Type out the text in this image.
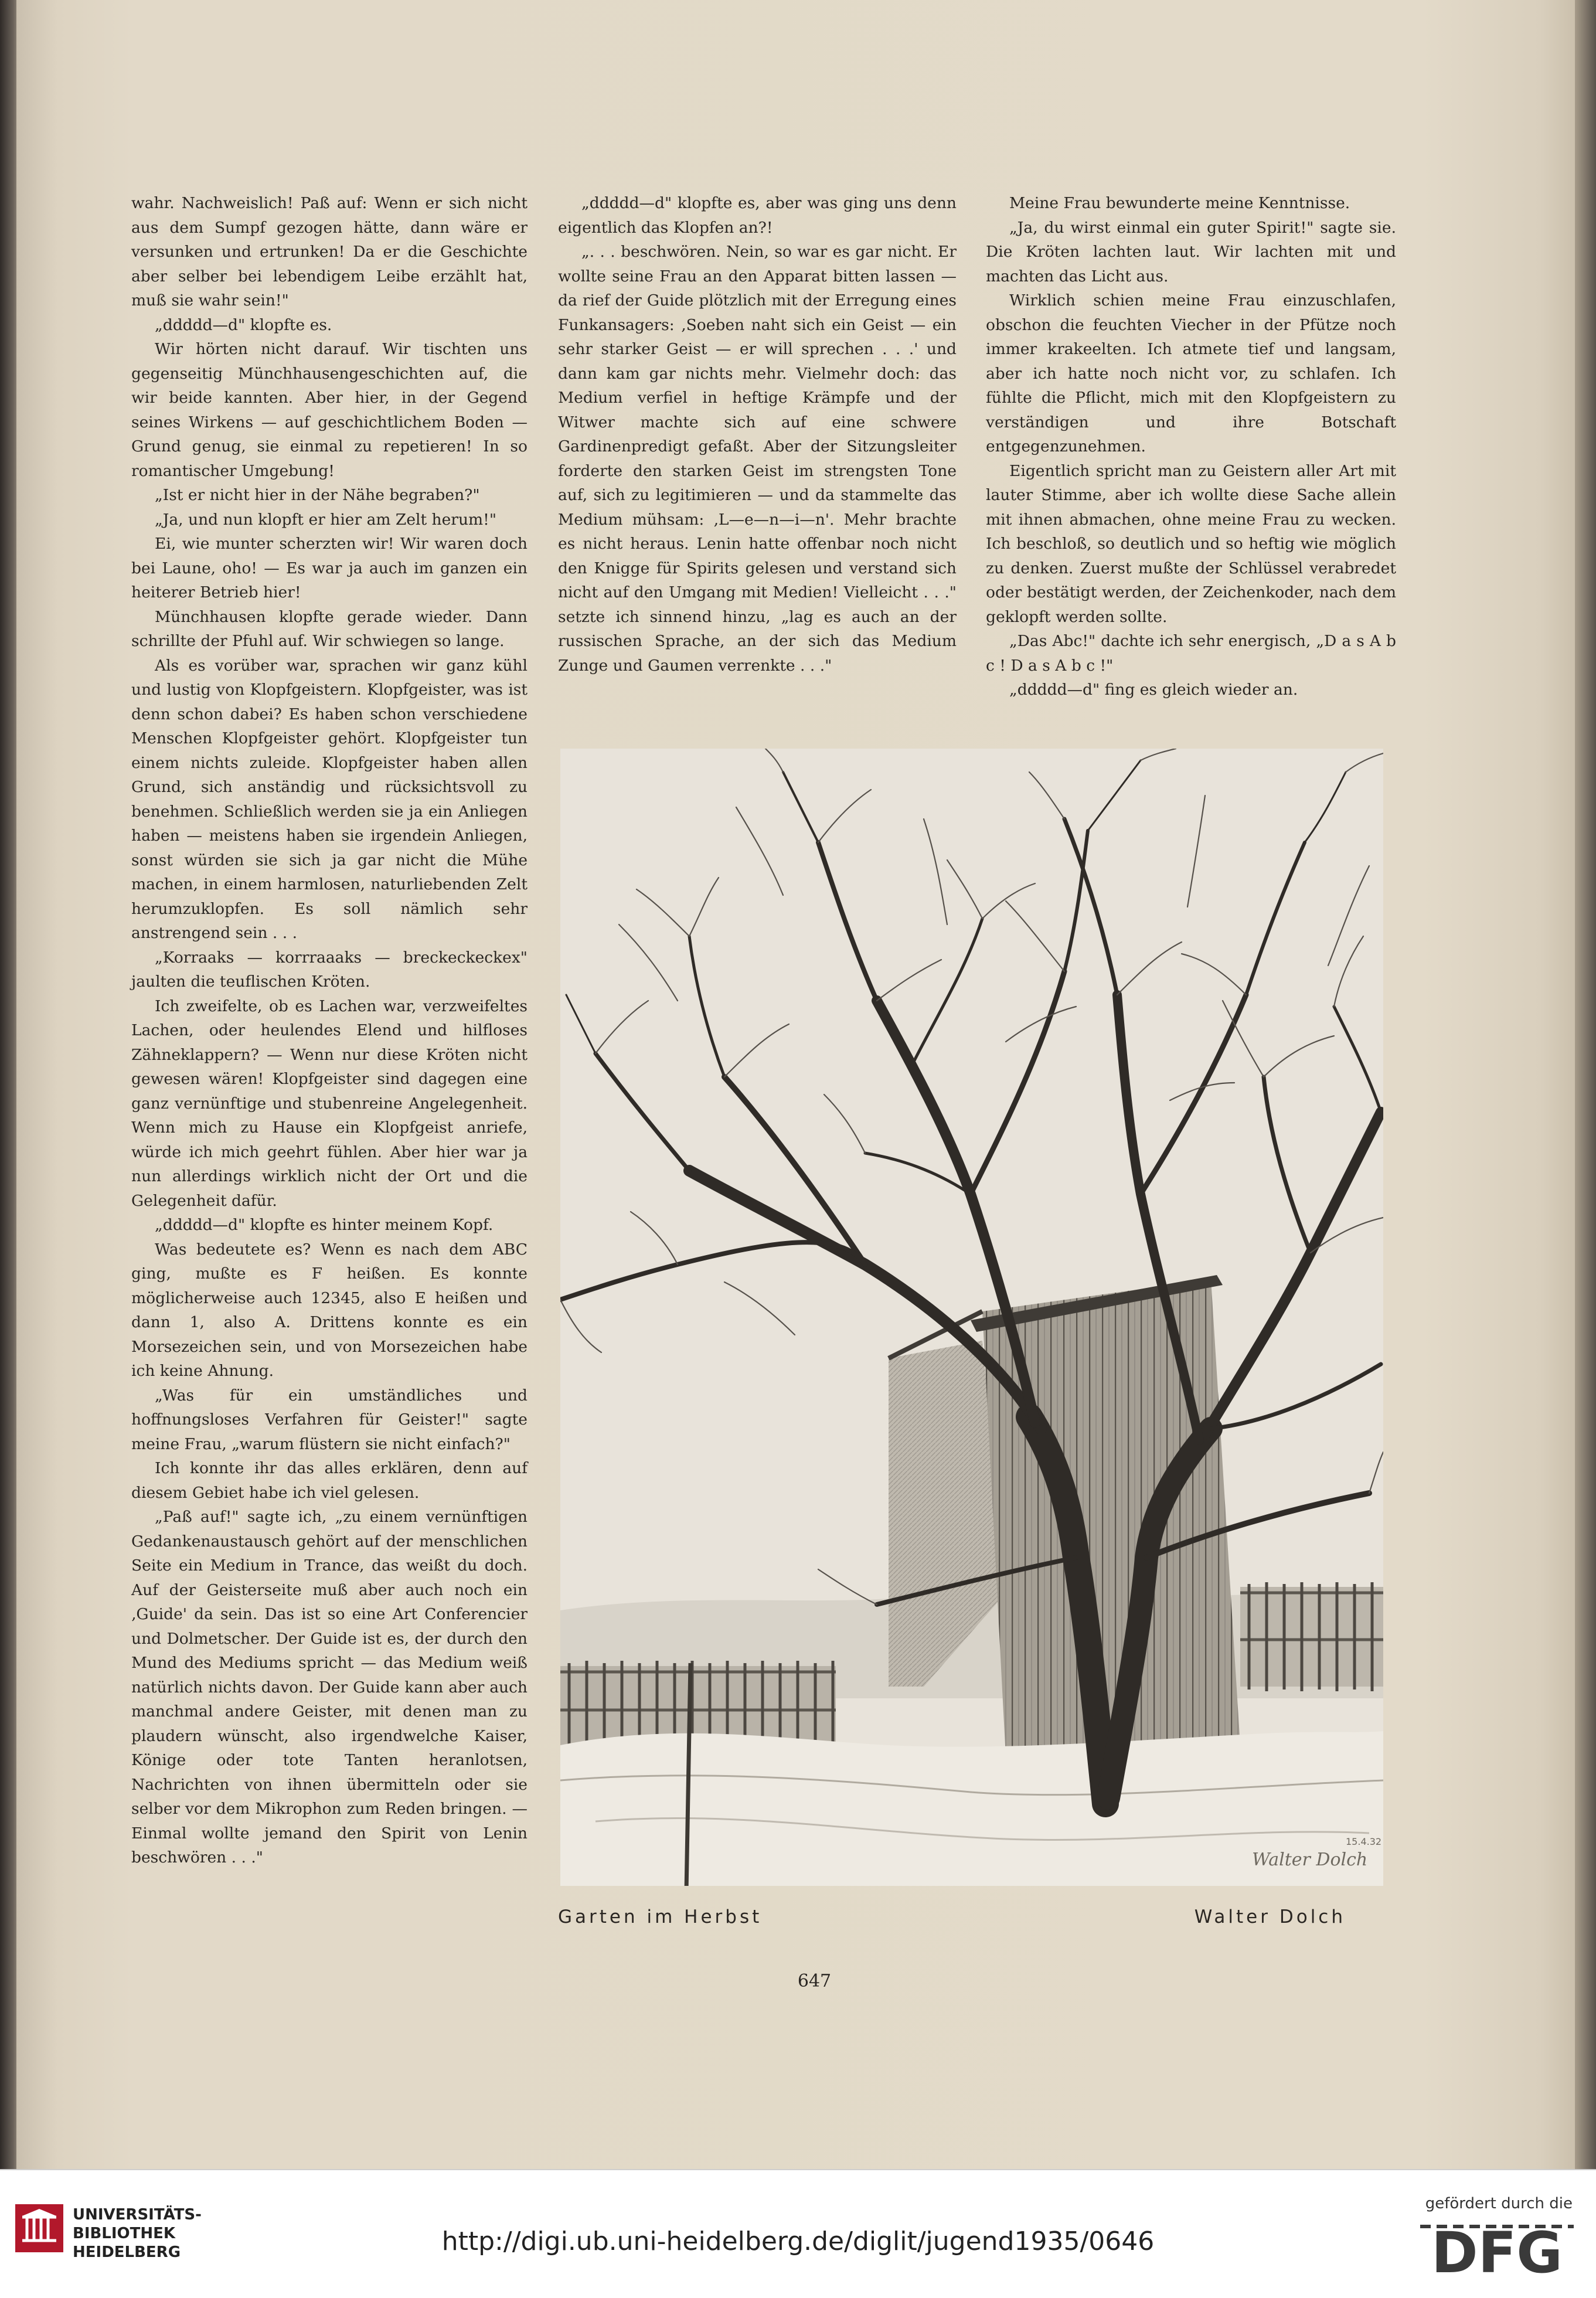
wahr. Nachweislich! Paß auf: Wenn er sich nicht aus dem Sumpf gezogen hätte, dann wäre er versunken und ertrunken! Da er die Geschichte aber selber bei lebendigem Leibe erzählt hat, muß sie wahr sein!"

„ddddd—d" klopfte es.

Wir hörten nicht darauf. Wir tischten uns gegenseitig Münchhausengeschichten auf, die wir beide kannten. Aber hier, in der Gegend seines Wirkens — auf geschichtlichem Boden — Grund genug, sie einmal zu repetieren! In so romantischer Umgebung!

„Ist er nicht hier in der Nähe begraben?"

„Ja, und nun klopft er hier am Zelt herum!"

Ei, wie munter scherzten wir! Wir waren doch bei Laune, oho! — Es war ja auch im ganzen ein heiterer Betrieb hier!

Münchhausen klopfte gerade wieder. Dann schrillte der Pfuhl auf. Wir schwiegen so lange.

Als es vorüber war, sprachen wir ganz kühl und lustig von Klopfgeistern. Klopfgeister, was ist denn schon dabei? Es haben schon verschiedene Menschen Klopfgeister gehört. Klopfgeister tun einem nichts zuleide. Klopfgeister haben allen Grund, sich anständig und rücksichtsvoll zu benehmen. Schließlich werden sie ja ein Anliegen haben — meistens haben sie irgendein Anliegen, sonst würden sie sich ja gar nicht die Mühe machen, in einem harmlosen, naturliebenden Zelt herumzuklopfen. Es soll nämlich sehr anstrengend sein . . .

„Korraaks — korrraaaks — breckeckeckex" jaulten die teuflischen Kröten.

Ich zweifelte, ob es Lachen war, verzweifeltes Lachen, oder heulendes Elend und hilfloses Zähneklappern? — Wenn nur diese Kröten nicht gewesen wären! Klopfgeister sind dagegen eine ganz vernünftige und stubenreine Angelegenheit. Wenn mich zu Hause ein Klopfgeist anriefe, würde ich mich geehrt fühlen. Aber hier war ja nun allerdings wirklich nicht der Ort und die Gelegenheit dafür.

„ddddd—d" klopfte es hinter meinem Kopf.

Was bedeutete es? Wenn es nach dem ABC ging, mußte es F heißen. Es konnte möglicherweise auch 12345, also E heißen und dann 1, also A. Drittens konnte es ein Morsezeichen sein, und von Morsezeichen habe ich keine Ahnung.

„Was für ein umständliches und hoffnungsloses Verfahren für Geister!" sagte meine Frau, „warum flüstern sie nicht einfach?"

Ich konnte ihr das alles erklären, denn auf diesem Gebiet habe ich viel gelesen.

„Paß auf!" sagte ich, „zu einem vernünftigen Gedankenaustausch gehört auf der menschlichen Seite ein Medium in Trance, das weißt du doch. Auf der Geisterseite muß aber auch noch ein ‚Guide' da sein. Das ist so eine Art Conferencier und Dolmetscher. Der Guide ist es, der durch den Mund des Mediums spricht — das Medium weiß natürlich nichts davon. Der Guide kann aber auch manchmal andere Geister, mit denen man zu plaudern wünscht, also irgendwelche Kaiser, Könige oder tote Tanten heranlotsen, Nachrichten von ihnen übermitteln oder sie selber vor dem Mikrophon zum Reden bringen. — Einmal wollte jemand den Spirit von Lenin beschwören . . ."

„ddddd—d" klopfte es, aber was ging uns denn eigentlich das Klopfen an?!

„. . . beschwören. Nein, so war es gar nicht. Er wollte seine Frau an den Apparat bitten lassen — da rief der Guide plötzlich mit der Erregung eines Funkansagers: ‚Soeben naht sich ein Geist — ein sehr starker Geist — er will sprechen . . .' und dann kam gar nichts mehr. Vielmehr doch: das Medium verfiel in heftige Krämpfe und der Witwer machte sich auf eine schwere Gardinenpredigt gefaßt. Aber der Sitzungsleiter forderte den starken Geist im strengsten Tone auf, sich zu legitimieren — und da stammelte das Medium mühsam: ‚L—e—n—i—n'. Mehr brachte es nicht heraus. Lenin hatte offenbar noch nicht den Knigge für Spirits gelesen und verstand sich nicht auf den Umgang mit Medien! Vielleicht . . ." setzte ich sinnend hinzu, „lag es auch an der russischen Sprache, an der sich das Medium Zunge und Gaumen verrenkte . . ."

Meine Frau bewunderte meine Kenntnisse.

„Ja, du wirst einmal ein guter Spirit!" sagte sie. Die Kröten lachten laut. Wir lachten mit und machten das Licht aus.

Wirklich schien meine Frau einzuschlafen, obschon die feuchten Viecher in der Pfütze noch immer krakeelten. Ich atmete tief und langsam, aber ich hatte noch nicht vor, zu schlafen. Ich fühlte die Pflicht, mich mit den Klopfgeistern zu verständigen und ihre Botschaft entgegenzunehmen.

Eigentlich spricht man zu Geistern aller Art mit lauter Stimme, aber ich wollte diese Sache allein mit ihnen abmachen, ohne meine Frau zu wecken. Ich beschloß, so deutlich und so heftig wie möglich zu denken. Zuerst mußte der Schlüssel verabredet oder bestätigt werden, der Zeichenkoder, nach dem geklopft werden sollte.

„Das Abc!" dachte ich sehr energisch, „D a s A b c ! D a s A b c !"

„ddddd—d" fing es gleich wieder an.

Walter Dolch
15.4.32
Garten im Herbst	Walter Dolch
647
UNIVERSITÄTS-
BIBLIOTHEK
HEIDELBERG	http://digi.ub.uni-heidelberg.de/diglit/jugend1935/0646
gefördert durch die
DFG
